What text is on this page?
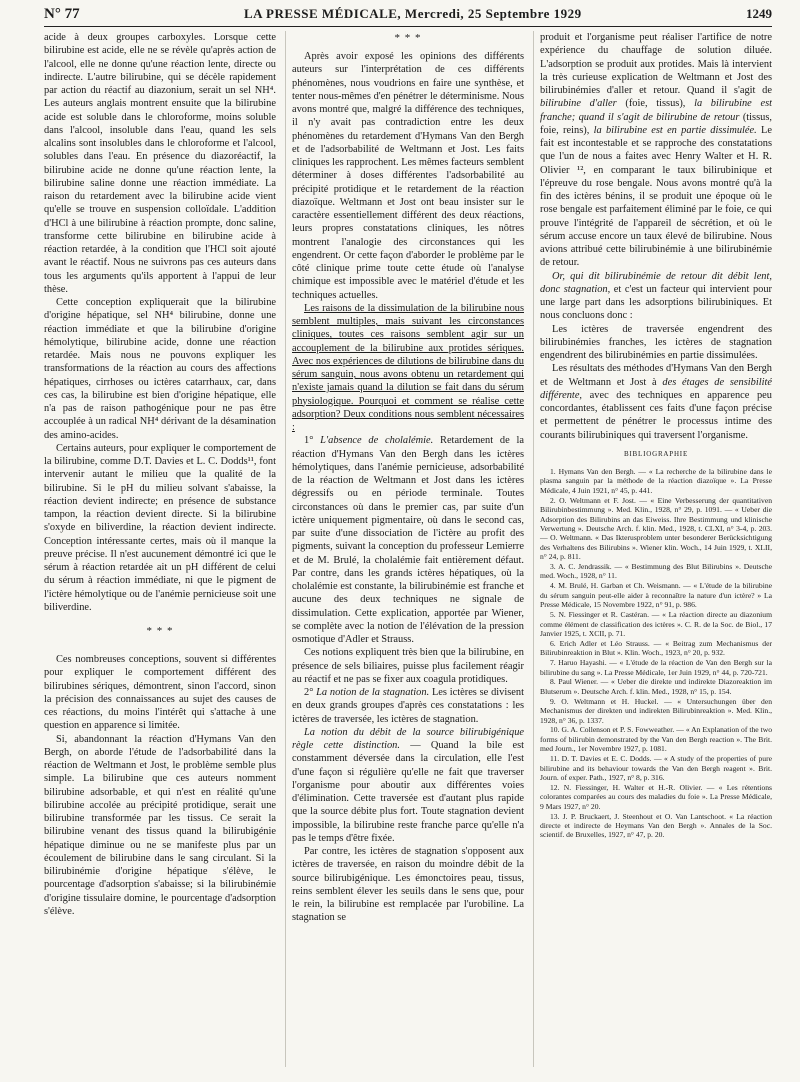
N° 77	LA PRESSE MÉDICALE, Mercredi, 25 Septembre 1929	1249

acide à deux groupes carboxyles. Lorsque cette bilirubine est acide, elle ne se révèle qu'après action de l'alcool, elle ne donne qu'une réaction lente, directe ou indirecte. L'autre bilirubine, qui se décèle rapidement par action du réactif au diazonium, serait un sel NH⁴. Les auteurs anglais montrent ensuite que la bilirubine acide est soluble dans le chloroforme, moins soluble dans l'alcool, insoluble dans l'eau, quand les sels alcalins sont insolubles dans le chloroforme et l'alcool, solubles dans l'eau. En présence du diazoréactif, la bilirubine acide ne donne qu'une réaction lente, la bilirubine saline donne une réaction immédiate. La raison du retardement avec la bilirubine acide vient qu'elle se trouve en suspension colloïdale. L'addition d'HCl à une bilirubine à réaction prompte, donc saline, transforme cette bilirubine en bilirubine acide à réaction retardée, à la condition que l'HCl soit ajouté avant le réactif. Nous ne suivrons pas ces auteurs dans tous les arguments qu'ils apportent à l'appui de leur thèse.

Cette conception expliquerait que la bilirubine d'origine hépatique, sel NH⁴ bilirubine, donne une réaction immédiate et que la bilirubine d'origine hémolytique, bilirubine acide, donne une réaction retardée. Mais nous ne pouvons expliquer les transformations de la réaction au cours des affections hépatiques, cirrhoses ou ictères catarrhaux, car, dans ces cas, la bilirubine est bien d'origine hépatique, elle n'a pas de raison pathogénique pour ne pas être accouplée à un radical NH⁴ dérivant de la désamination des amino-acides.

Certains auteurs, pour expliquer le comportement de la bilirubine, comme D.T. Davies et L. C. Dodds¹¹, font intervenir autant le milieu que la qualité de la bilirubine. Si le pH du milieu solvant s'abaisse, la réaction devient indirecte; en présence de substance tampon, la réaction devient directe. Si la bilirubine s'oxyde en biliverdine, la réaction devient indirecte. Conception intéressante certes, mais où il manque la preuve précise. Il n'est aucunement démontré ici que le sérum à réaction retardée ait un pH différent de celui du sérum à réaction immédiate, ni que le pigment de l'ictère hémolytique ou de l'anémie pernicieuse soit une biliverdine.

* * *

Ces nombreuses conceptions, souvent si différentes pour expliquer le comportement différent des bilirubines sériques, démontrent, sinon l'accord, sinon la précision des connaissances au sujet des causes de ces réactions, du moins l'intérêt qui s'attache à une question en apparence si limitée.

Si, abandonnant la réaction d'Hymans Van den Bergh, on aborde l'étude de l'adsorbabilité dans la réaction de Weltmann et Jost, le problème semble plus simple. La bilirubine que ces auteurs nomment bilirubine adsorbable, et qui n'est en réalité qu'une bilirubine accolée au précipité protidique, serait une bilirubine transformée par les tissus. Ce serait la bilirubine venant des tissus quand la bilirubigénie hépatique diminue ou ne se manifeste plus par un écoulement de bilirubine dans le sang circulant. Si la bilirubinémie d'origine hépatique s'élève, le pourcentage d'adsorption s'abaisse; si la bilirubinémie d'origine tissulaire domine, le pourcentage d'adsorption s'élève.

* * *

Après avoir exposé les opinions des différents auteurs sur l'interprétation de ces différents phénomènes, nous voudrions en faire une synthèse, et tenter nous-mêmes d'en pénétrer le déterminisme. Nous avons montré que, malgré la différence des techniques, il n'y avait pas contradiction entre les deux phénomènes du retardement d'Hymans Van den Bergh et de l'adsorbabilité de Weltmann et Jost. Les faits cliniques les rapprochent. Les mêmes facteurs semblent déterminer à doses différentes l'adsorbabilité au précipité protidique et le retardement de la réaction diazoïque. Weltmann et Jost ont beau insister sur le caractère essentiellement différent des deux réactions, leurs propres constatations cliniques, les nôtres montrent l'analogie des circonstances qui les engendrent. Or cette façon d'aborder le problème par le côté clinique prime toute cette étude où l'analyse chimique est impossible avec le matériel d'étude et les techniques actuelles.

Les raisons de la dissimulation de la bilirubine nous semblent multiples, mais suivant les circonstances cliniques, toutes ces raisons semblent agir sur un accouplement de la bilirubine aux protides sériques. Avec nos expériences de dilutions de bilirubine dans du sérum sanguin, nous avons obtenu un retardement qui n'existe jamais quand la dilution se fait dans du sérum physiologique. Pourquoi et comment se réalise cette adsorption? Deux conditions nous semblent nécessaires :

1° L'absence de cholalémie. Retardement de la réaction d'Hymans Van den Bergh dans les ictères hémolytiques, dans l'anémie pernicieuse, adsorbabilité de la réaction de Weltmann et Jost dans les ictères dégressifs ou en période terminale. Toutes circonstances où dans le premier cas, par suite d'un ictère uniquement pigmentaire, où dans le second cas, par suite d'une dissociation de l'ictère au profit des pigments, suivant la conception du professeur Lemierre et de M. Brulé, la cholalémie fait entièrement défaut. Par contre, dans les grands ictères hépatiques, où la cholalémie est constante, la bilirubinémie est franche et aucune des deux techniques ne signale de dissimulation. Cette explication, apportée par Wiener, se complète avec la notion de l'élévation de la pression osmotique d'Adler et Strauss.

Ces notions expliquent très bien que la bilirubine, en présence de sels biliaires, puisse plus facilement réagir au réactif et ne pas se fixer aux coagula protidiques.

2° La notion de la stagnation. Les ictères se divisent en deux grands groupes d'après ces constatations : les ictères de traversée, les ictères de stagnation.

La notion du débit de la source bilirubigénique règle cette distinction. — Quand la bile est constamment déversée dans la circulation, elle l'est d'une façon si régulière qu'elle ne fait que traverser l'organisme pour aboutir aux différentes voies d'élimination. Cette traversée est d'autant plus rapide que la source débite plus fort. Toute stagnation devient impossible, la bilirubine reste franche parce qu'elle n'a pas le temps d'être fixée.

Par contre, les ictères de stagnation s'opposent aux ictères de traversée, en raison du moindre débit de la source bilirubigénique. Les émonctoires peau, tissus, reins semblent élever les seuils dans le sens que, pour le rein, la bilirubine est remplacée par l'urobiline. La stagnation se

produit et l'organisme peut réaliser l'artifice de notre expérience du chauffage de solution diluée. L'adsorption se produit aux protides. Mais là intervient la très curieuse explication de Weltmann et Jost des bilirubinémies d'aller et retour. Quand il s'agit de bilirubine d'aller (foie, tissus), la bilirubine est franche; quand il s'agit de bilirubine de retour (tissus, foie, reins), la bilirubine est en partie dissimulée. Le fait est incontestable et se rapproche des constatations que l'un de nous a faites avec Henry Walter et H. R. Olivier ¹², en comparant le taux bilirubinique et l'épreuve du rose bengale. Nous avons montré qu'à la fin des ictères bénins, il se produit une époque où le rose bengale est parfaitement éliminé par le foie, ce qui prouve l'intégrité de l'appareil de sécrétion, et où le sérum accuse encore un taux élevé de bilirubine. Nous avions attribué cette bilirubinémie à une bilirubinémie de retour.

Or, qui dit bilirubinémie de retour dit débit lent, donc stagnation, et c'est un facteur qui intervient pour une large part dans les adsorptions bilirubiniques. Et nous concluons donc :

Les ictères de traversée engendrent des bilirubinémies franches, les ictères de stagnation engendrent des bilirubinémies en partie dissimulées.

Les résultats des méthodes d'Hymans Van den Bergh et de Weltmann et Jost à des étages de sensibilité différente, avec des techniques en apparence peu concordantes, établissent ces faits d'une façon précise et permettent de pénétrer le processus intime des courants bilirubiniques qui traversent l'organisme.

BIBLIOGRAPHIE

1. Hymans Van den Bergh. — « La recherche de la bilirubine dans le plasma sanguin par la méthode de la réaction diazoïque ». La Presse Médicale, 4 Juin 1921, n° 45, p. 441.

2. O. Weltmann et F. Jost. — « Eine Verbesserung der quantitativen Bilirubinbestimmung ». Med. Klin., 1928, n° 29, p. 1091. — « Ueber die Adsorption des Bilirubins an das Eiweiss. Ihre Bestimmung und klinische Verwertung ». Deutsche Arch. f. klin. Med., 1928, t. CLXI, n° 3-4, p. 203. — O. Weltmann. « Das Ikterusproblem unter besonderer Berücksichtigung des Verhaltens des Bilirubins ». Wiener klin. Woch., 14 Juin 1929, t. XLII, n° 24, p. 811.

3. A. C. Jendrassik. — « Bestimmung des Blut Bilirubins ». Deutsche med. Woch., 1928, n° 11.

4. M. Brulé, H. Garban et Ch. Weismann. — « L'étude de la bilirubine du sérum sanguin peut-elle aider à reconnaître la nature d'un ictère? » La Presse Médicale, 15 Novembre 1922, n° 91, p. 986.

5. N. Fiessinger et R. Castéran. — « La réaction directe au diazonium comme élément de classification des ictères ». C. R. de la Soc. de Biol., 17 Janvier 1925, t. XCII, p. 71.

6. Erich Adler et Léo Strauss. — « Beitrag zum Mechanismus der Bilirubinreaktion in Blut ». Klin. Woch., 1923, n° 20, p. 932.

7. Haruo Hayashi. — « L'étude de la réaction de Van den Bergh sur la bilirubine du sang ». La Presse Médicale, 1er Juin 1929, n° 44, p. 720-721.

8. Paul Wiener. — « Ueber die direkte und indirekte Diazoreaktion im Blutserum ». Deutsche Arch. f. klin. Med., 1928, n° 15, p. 154.

9. O. Weltmann et H. Huckel. — « Untersuchungen über den Mechanismus der direkten und indirekten Bilirubinreaktion ». Med. Klin., 1928, n° 36, p. 1337.

10. G. A. Collenson et P. S. Fowweather. — « An Explanation of the two forms of bilirubin demonstrated by the Van den Bergh reaction ». The Brit. med Journ., 1er Novembre 1927, p. 1081.

11. D. T. Davies et E. C. Dodds. — « A study of the properties of pure bilirubine and its behaviour towards the Van den Bergh reagent ». Brit. Journ. of exper. Path., 1927, n° 8, p. 316.

12. N. Fiessinger, H. Walter et H.-R. Olivier. — « Les rétentions colorantes comparées au cours des maladies du foie ». La Presse Médicale, 9 Mars 1927, n° 20.

13. J. P. Bruckaert, J. Steenhout et O. Van Lantschoot. « La réaction directe et indirecte de Heymans Van den Bergh ». Annales de la Soc. scientif. de Bruxelles, 1927, n° 47, p. 20.
